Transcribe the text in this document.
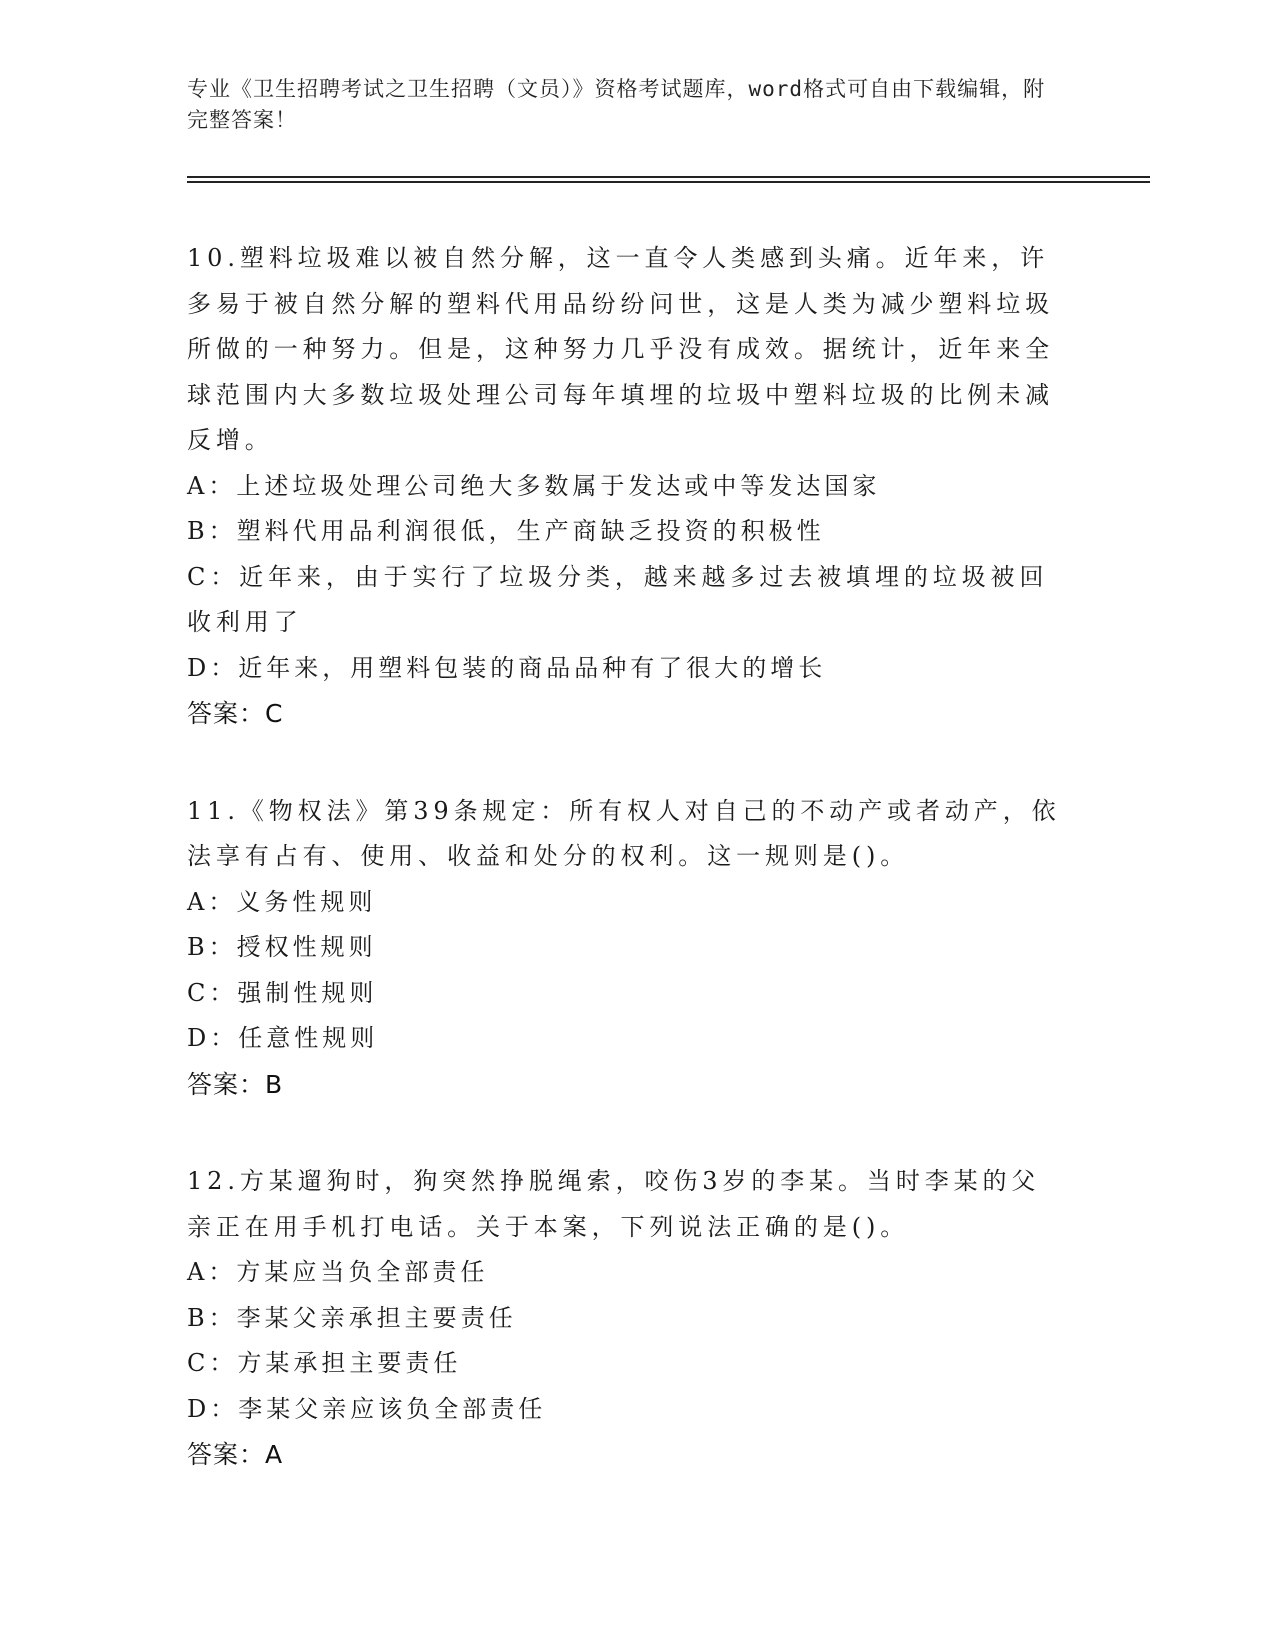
专业《卫生招聘考试之卫生招聘（文员）》资格考试题库，word格式可自由下载编辑，附完整答案！
10.塑料垃圾难以被自然分解，这一直令人类感到头痛。近年来，许多易于被自然分解的塑料代用品纷纷问世，这是人类为减少塑料垃圾所做的一种努力。但是，这种努力几乎没有成效。据统计，近年来全球范围内大多数垃圾处理公司每年填埋的垃圾中塑料垃圾的比例未减反增。
A：上述垃圾处理公司绝大多数属于发达或中等发达国家
B：塑料代用品利润很低，生产商缺乏投资的积极性
C：近年来，由于实行了垃圾分类，越来越多过去被填埋的垃圾被回收利用了
D：近年来，用塑料包装的商品品种有了很大的增长
答案：C
11.《物权法》第39条规定：所有权人对自己的不动产或者动产，依法享有占有、使用、收益和处分的权利。这一规则是()。
A：义务性规则
B：授权性规则
C：强制性规则
D：任意性规则
答案：B
12.方某遛狗时，狗突然挣脱绳索，咬伤3岁的李某。当时李某的父亲正在用手机打电话。关于本案，下列说法正确的是()。
A：方某应当负全部责任
B：李某父亲承担主要责任
C：方某承担主要责任
D：李某父亲应该负全部责任
答案：A
